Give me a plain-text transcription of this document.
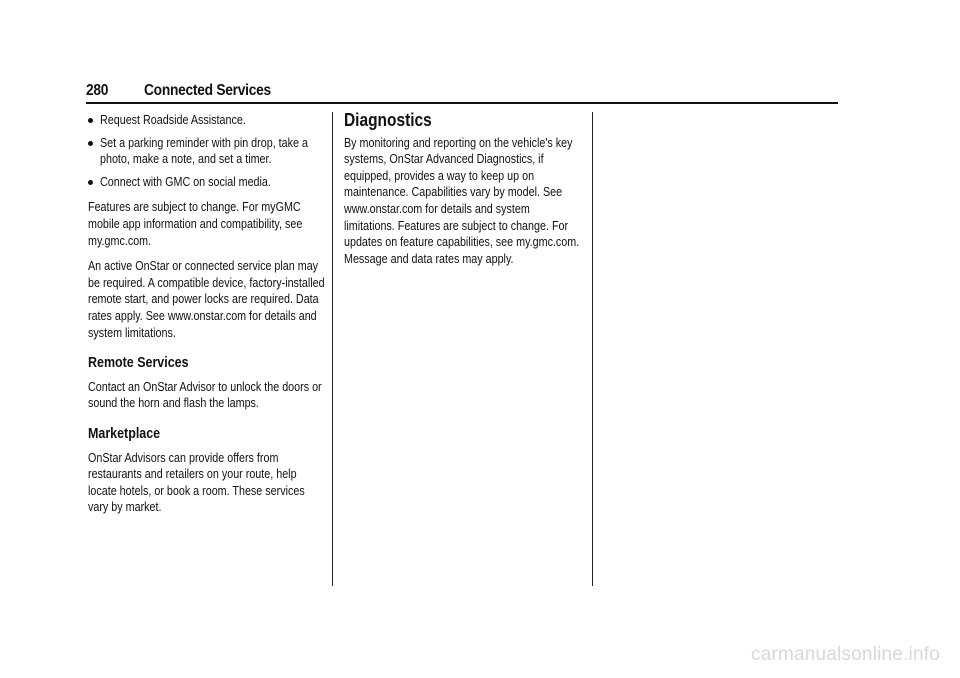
280 Connected Services
Request Roadside Assistance.
Set a parking reminder with pin drop, take a photo, make a note, and set a timer.
Connect with GMC on social media.

Features are subject to change. For myGMC mobile app information and compatibility, see my.gmc.com.

An active OnStar or connected service plan may be required. A compatible device, factory-installed remote start, and power locks are required. Data rates apply. See www.onstar.com for details and system limitations.

Remote Services

Contact an OnStar Advisor to unlock the doors or sound the horn and flash the lamps.

Marketplace

OnStar Advisors can provide offers from restaurants and retailers on your route, help locate hotels, or book a room. These services vary by market.

Diagnostics

By monitoring and reporting on the vehicle's key systems, OnStar Advanced Diagnostics, if equipped, provides a way to keep up on maintenance. Capabilities vary by model. See www.onstar.com for details and system limitations. Features are subject to change. For updates on feature capabilities, see my.gmc.com. Message and data rates may apply.

carmanualsonline.info
